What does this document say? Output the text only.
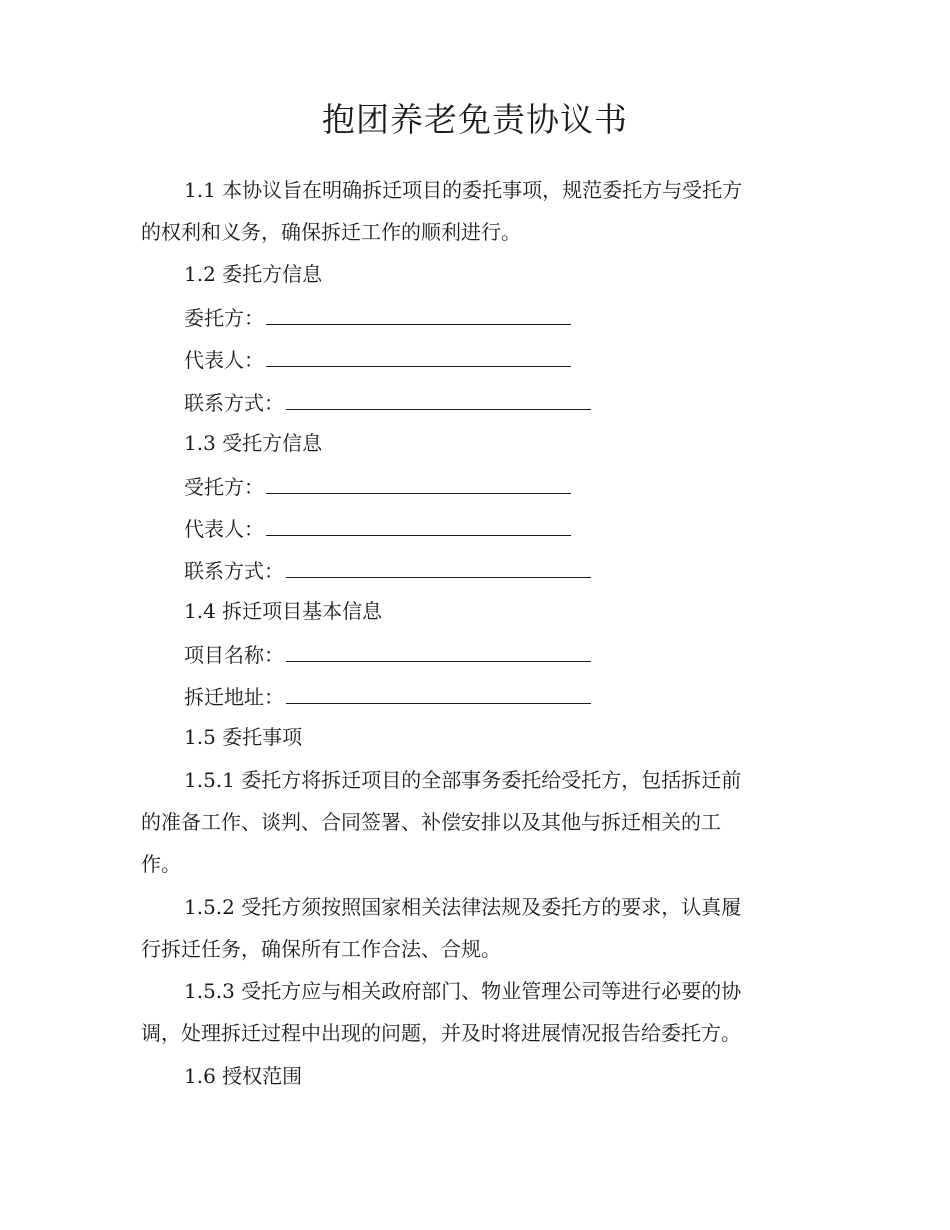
抱团养老免责协议书
1.1 本协议旨在明确拆迁项目的委托事项，规范委托方与受托方
的权利和义务，确保拆迁工作的顺利进行。
1.2 委托方信息
委托方：
代表人：
联系方式：
1.3 受托方信息
受托方：
代表人：
联系方式：
1.4 拆迁项目基本信息
项目名称：
拆迁地址：
1.5 委托事项
1.5.1 委托方将拆迁项目的全部事务委托给受托方，包括拆迁前
的准备工作、谈判、合同签署、补偿安排以及其他与拆迁相关的工
作。
1.5.2 受托方须按照国家相关法律法规及委托方的要求，认真履
行拆迁任务，确保所有工作合法、合规。
1.5.3 受托方应与相关政府部门、物业管理公司等进行必要的协
调，处理拆迁过程中出现的问题，并及时将进展情况报告给委托方。
1.6 授权范围
